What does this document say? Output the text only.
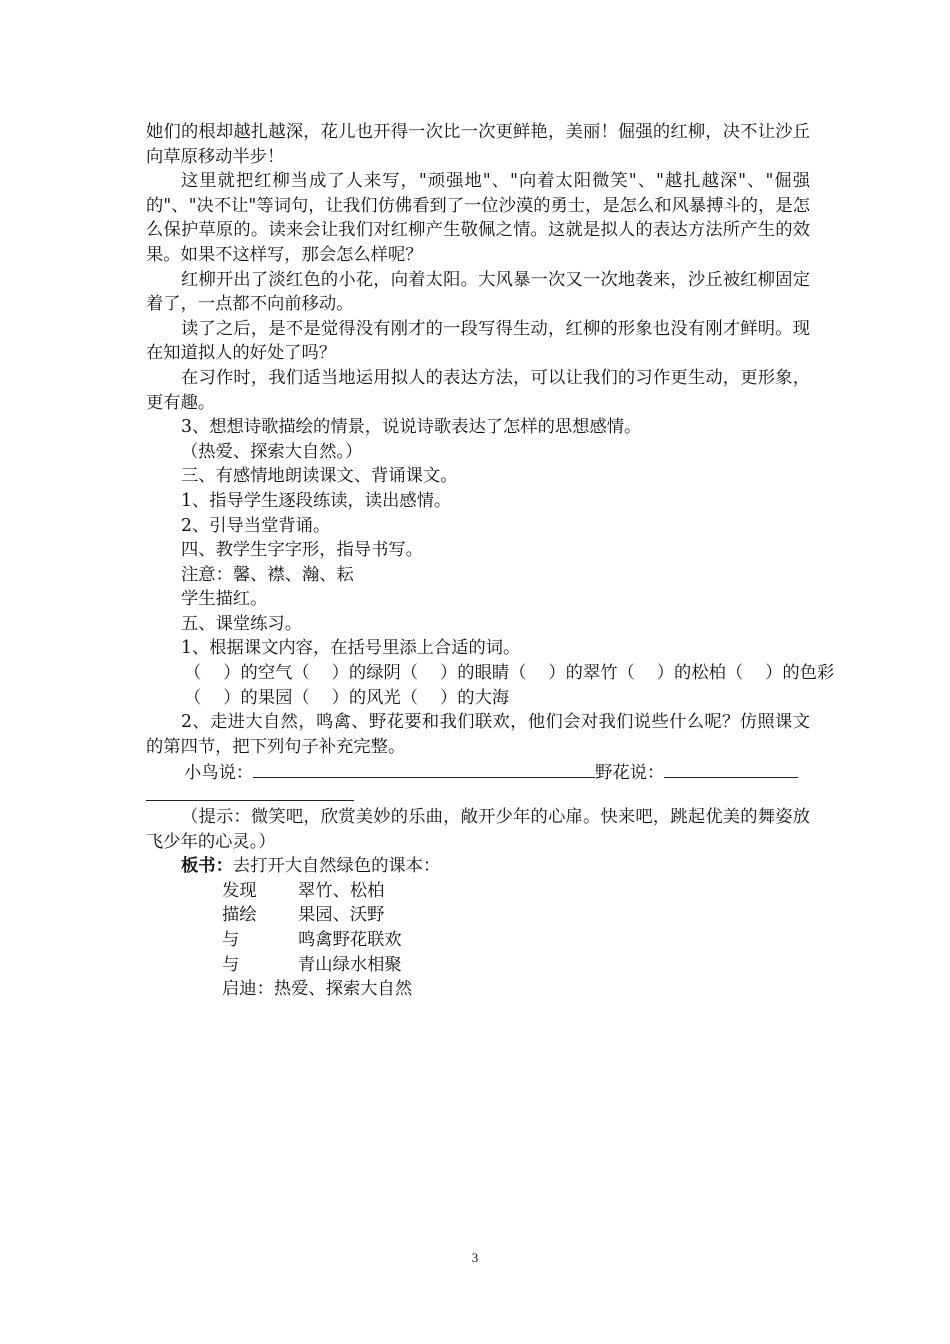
她们的根却越扎越深，花儿也开得一次比一次更鲜艳，美丽！倔强的红柳，决不让沙丘向草原移动半步！

这里就把红柳当成了人来写，"顽强地"、"向着太阳微笑"、"越扎越深"、"倔强的"、"决不让"等词句，让我们仿佛看到了一位沙漠的勇士，是怎么和风暴搏斗的，是怎么保护草原的。读来会让我们对红柳产生敬佩之情。这就是拟人的表达方法所产生的效果。如果不这样写，那会怎么样呢？

红柳开出了淡红色的小花，向着太阳。大风暴一次又一次地袭来，沙丘被红柳固定着了，一点都不向前移动。

读了之后，是不是觉得没有刚才的一段写得生动，红柳的形象也没有刚才鲜明。现在知道拟人的好处了吗？

在习作时，我们适当地运用拟人的表达方法，可以让我们的习作更生动，更形象，更有趣。

3、想想诗歌描绘的情景，说说诗歌表达了怎样的思想感情。

（热爱、探索大自然。）

三、有感情地朗读课文、背诵课文。

1、指导学生逐段练读，读出感情。

2、引导当堂背诵。

四、教学生字字形，指导书写。

注意：馨、襟、瀚、耘

学生描红。

五、课堂练习。

1、根据课文内容，在括号里添上合适的词。

（    ）的空气（    ）的绿阴（    ）的眼睛（    ）的翠竹（    ）的松柏（    ）的色彩

（    ）的果园（    ）的风光（    ）的大海

2、走进大自然，鸣禽、野花要和我们联欢，他们会对我们说些什么呢？仿照课文的第四节，把下列句子补充完整。

小鸟说：	野花说：

（提示：微笑吧，欣赏美妙的乐曲，敞开少年的心扉。快来吧，跳起优美的舞姿放飞少年的心灵。）

板书：去打开大自然绿色的课本：

发现 翠竹、松柏

描绘 果园、沃野

与	鸣禽野花联欢

与	青山绿水相聚

启迪：热爱、探索大自然

3
